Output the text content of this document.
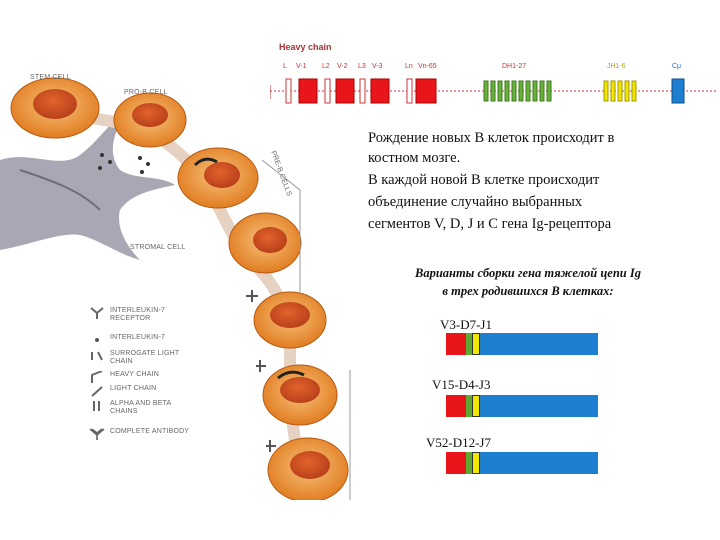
Heavy chain
L V-1 L2 V-2 L3 V-3	Ln Vn-65	DH1-27	JH1-6	Cμ
STEM CELL
PRO-B CELL
STROMAL CELL
PRE-B CELLS
INTERLEUKIN-7 RECEPTOR
INTERLEUKIN-7
SURROGATE LIGHT CHAIN
HEAVY CHAIN
LIGHT CHAIN
ALPHA AND BETA CHAINS
COMPLETE ANTIBODY
Рождение новых В клеток происходит в
костном мозге.
В каждой новой В клетке происходит
объединение случайно выбранных
сегментов V, D, J и С гена Ig-рецептора
Варианты сборки гена тяжелой цепи Ig
в трех родившихся В клетках:
V3-D7-J1
V15-D4-J3
V52-D12-J7
